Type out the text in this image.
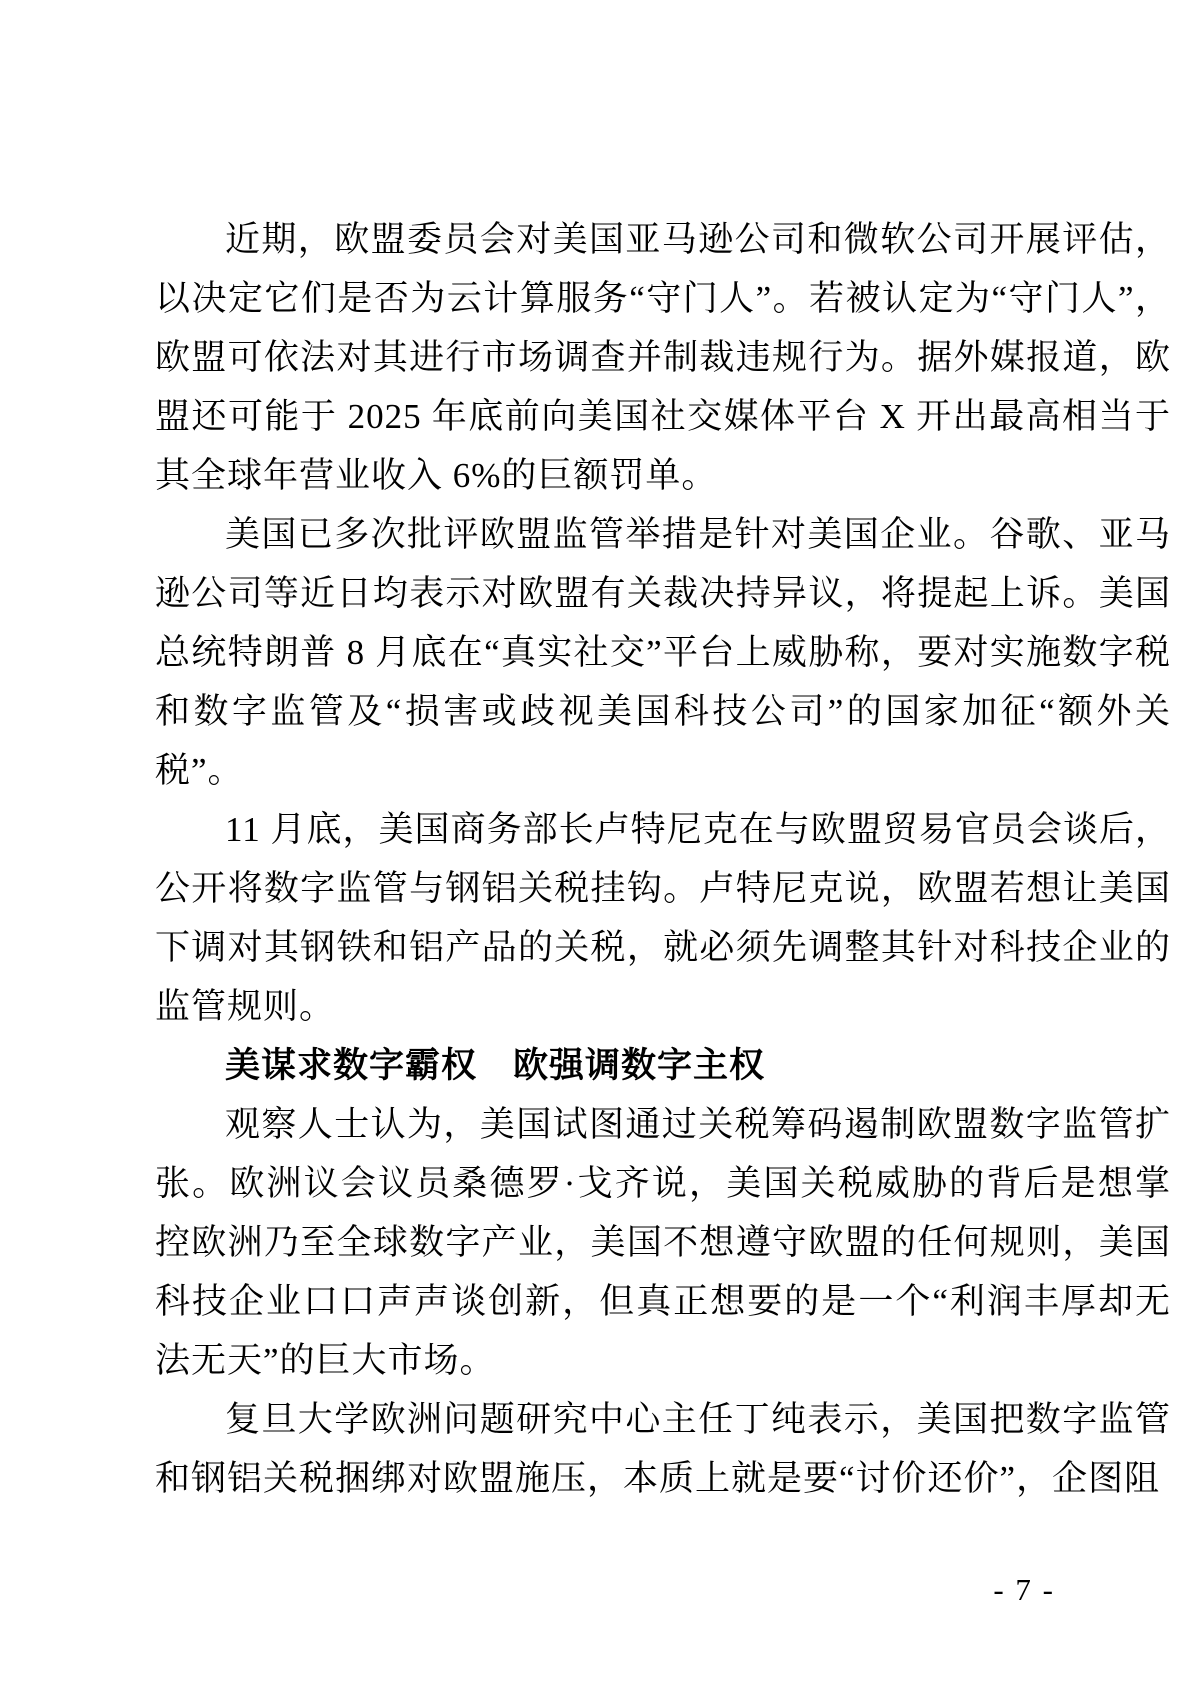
近期，欧盟委员会对美国亚马逊公司和微软公司开展评估，以决定它们是否为云计算服务“守门人”。若被认定为“守门人”，欧盟可依法对其进行市场调查并制裁违规行为。据外媒报道，欧盟还可能于 2025 年底前向美国社交媒体平台 X 开出最高相当于其全球年营业收入 6%的巨额罚单。

美国已多次批评欧盟监管举措是针对美国企业。谷歌、亚马逊公司等近日均表示对欧盟有关裁决持异议，将提起上诉。美国总统特朗普 8 月底在“真实社交”平台上威胁称，要对实施数字税和数字监管及“损害或歧视美国科技公司”的国家加征“额外关税”。

11 月底，美国商务部长卢特尼克在与欧盟贸易官员会谈后，公开将数字监管与钢铝关税挂钩。卢特尼克说，欧盟若想让美国下调对其钢铁和铝产品的关税，就必须先调整其针对科技企业的监管规则。

美谋求数字霸权　欧强调数字主权

观察人士认为，美国试图通过关税筹码遏制欧盟数字监管扩张。欧洲议会议员桑德罗·戈齐说，美国关税威胁的背后是想掌控欧洲乃至全球数字产业，美国不想遵守欧盟的任何规则，美国科技企业口口声声谈创新，但真正想要的是一个“利润丰厚却无法无天”的巨大市场。

复旦大学欧洲问题研究中心主任丁纯表示，美国把数字监管和钢铝关税捆绑对欧盟施压，本质上就是要“讨价还价”，企图阻

- 7 -
